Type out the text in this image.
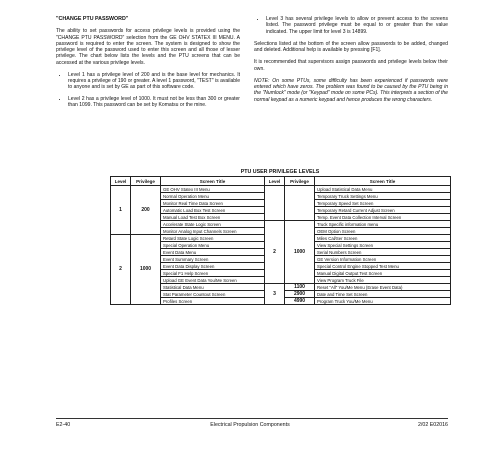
"CHANGE PTU PASSWORD"

The ability to set passwords for access privilege levels is provided using the "CHANGE PTU PASSWORD" selection from the GE OHV STATEX III MENU. A password is required to enter the screen. The system is designed to show the privilege level of the password used to enter this screen and all those of lesser privilege. The chart below lists the levels and the PTU screens that can be accessed at the various privilege levels.

• Level 1 has a privilege level of 200 and is the base level for mechanics. It requires a privilege of 190 or greater. A level 1 password, "TEST" is available to anyone and is set by GE as part of this software code.
• Level 2 has a privilege level of 1000. It must not be less than 300 or greater than 1099. This password can be set by Komatsu or the mine.
• Level 3 has several privilege levels to allow or prevent access to the screens listed. The password privilege must be equal to or greater than the value indicated. The upper limit for level 3 is 14899.

Selections listed at the bottom of the screen allow passwords to be added, changed and deleted. Additional help is available by pressing [F1].

It is recommended that supervisors assign passwords and privilege levels below their own.

NOTE: On some PTUs, some difficulty has been experienced if passwords were entered which have zeros. The problem was found to be caused by the PTU being in the "Numlock" mode (or "Keypad" mode on some PCs). This interprets a section of the normal keypad as a numeric keypad and hence produces the wrong characters.

PTU USER PRIVILEGE LEVELS
Level	Privilege	Screen Title	Level	Privilege	Screen Title
1	200	GE OHV Statex III Menu			Upload Statistical Data Menu
		Normal Operation Menu			Temporary Truck Settings Menu
		Monitor Real Time Data Screen			Temporary Speed Set Screen
		Automatic Load Box Test Screen			Temporary Retard Current Adjust Screen
		Manual Load Test Box Screen			Temp. Event Data Collection Interval Screen
		Accelerate State Logic Screen	2	1000	Truck Specific information menu
		Monitor Analog Input Channels Screen			OEM Option Screen
2	1000	Retard State Logic Screen			Miles Cal/Ser Screen
		Special Operation Menu			View Special Settings Screen
		Event Data Menu			Serial Numbers Screen
		Event Summary Screen			GE Version Information Screen
		Event Data Display Screen			Special Control Engine Stopped Test Menu
		Special F1 Help Screen			Manual Digital Output Test Screen
		Upload GE Event Data You/Me Screen			View Program Truck File
		Statistical Data Menu	3	1100	Reset "All" You/Me Menu (Erase Event Data)
		Stat Parameter Countout Screen		2900	Date and Time Set Screen
		Profiles Screen		4990	Program Truck You/Me Menu
E2-40	Electrical Propulsion Components	2/02 E02016
